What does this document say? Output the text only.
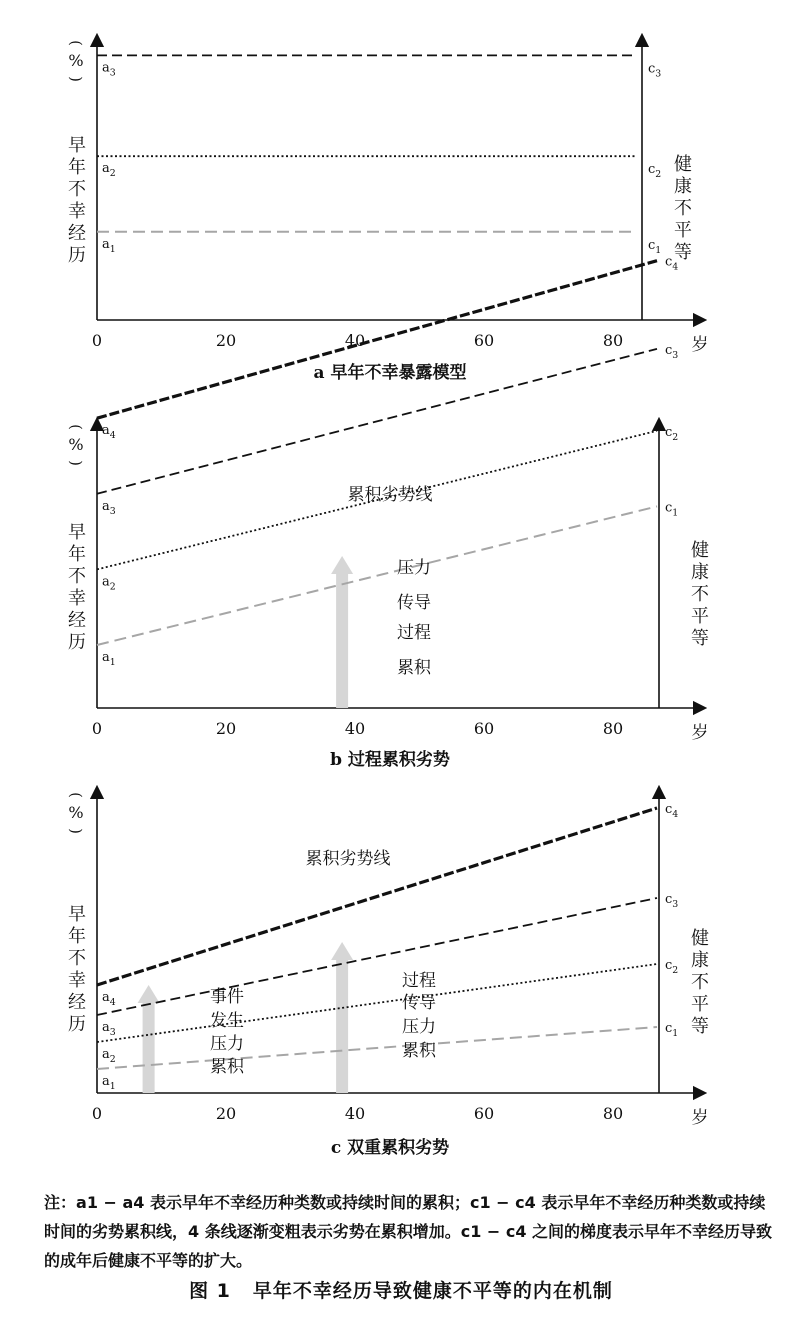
$a_1$	$c_1$
$a_2$	$c_2$
$a_3$	$c_3$
0	20	40	60	80	岁
(
%
)
早
年
不
幸
经
历
健
康
不
平
等
a 早年不幸暴露模型
$a_1$
$c_1$
$a_2$
$c_2$
$a_3$
$c_3$
$a_4$
$c_4$
0	20	40	60	80	岁
(
%
)
早
年
不
幸
经
历
健
康
不
平
等
累积劣势线
压力
传导
过程
累积
b 过程累积劣势
$a_1$
$c_1$
$a_2$
$c_2$
$a_3$
$c_3$
$a_4$
$c_4$
0	20	40	60	80	岁
(
%
)
早
年
不
幸
经
历
健
康
不
平
等
累积劣势线
事件
发生
压力
累积
过程
传导
压力
累积
c 双重累积劣势
注：a1 − a4 表示早年不幸经历种类数或持续时间的累积；c1 − c4 表示早年不幸经历种类数或持续时间的劣势累积线，4 条线逐渐变粗表示劣势在累积增加。c1 − c4 之间的梯度表示早年不幸经历导致的成年后健康不平等的扩大。
图 1 早年不幸经历导致健康不平等的内在机制
